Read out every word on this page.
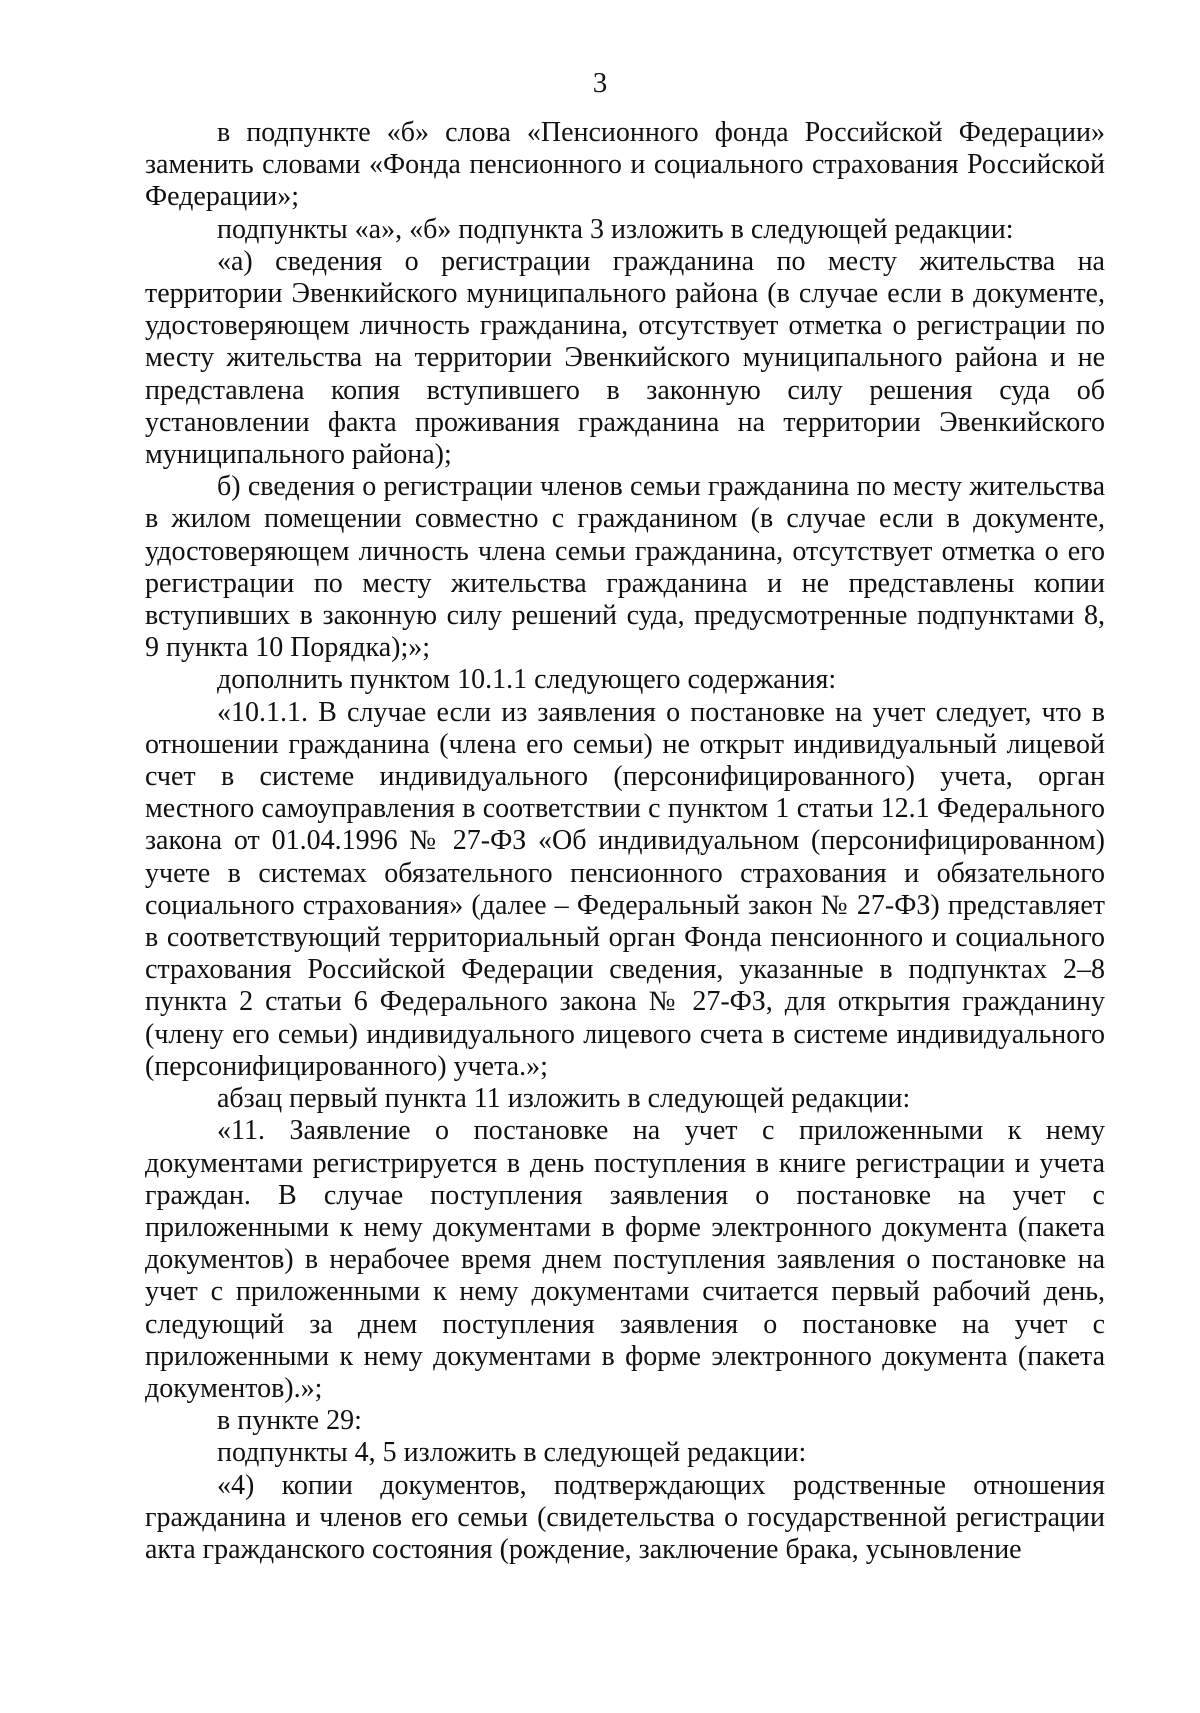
3

в подпункте «б» слова «Пенсионного фонда Российской Федерации» заменить словами «Фонда пенсионного и социального страхования Российской Федерации»;

подпункты «а», «б» подпункта 3 изложить в следующей редакции:

«а) сведения о регистрации гражданина по месту жительства на территории Эвенкийского муниципального района (в случае если в документе, удостоверяющем личность гражданина, отсутствует отметка о регистрации по месту жительства на территории Эвенкийского муниципального района и не представлена копия вступившего в законную силу решения суда об установлении факта проживания гражданина на территории Эвенкийского муниципального района);

б) сведения о регистрации членов семьи гражданина по месту жительства в жилом помещении совместно с гражданином (в случае если в документе, удостоверяющем личность члена семьи гражданина, отсутствует отметка о его регистрации по месту жительства гражданина и не представлены копии вступивших в законную силу решений суда, предусмотренные подпунктами 8, 9 пункта 10 Порядка);»;

дополнить пунктом 10.1.1 следующего содержания:

«10.1.1. В случае если из заявления о постановке на учет следует, что в отношении гражданина (члена его семьи) не открыт индивидуальный лицевой счет в системе индивидуального (персонифицированного) учета, орган местного самоуправления в соответствии с пунктом 1 статьи 12.1 Федерального закона от 01.04.1996 № 27-ФЗ «Об индивидуальном (персонифицированном) учете в системах обязательного пенсионного страхования и обязательного социального страхования» (далее – Федеральный закон № 27-ФЗ) представляет в соответствующий территориальный орган Фонда пенсионного и социального страхования Российской Федерации сведения, указанные в подпунктах 2–8 пункта 2 статьи 6 Федерального закона № 27-ФЗ, для открытия гражданину (члену его семьи) индивидуального лицевого счета в системе индивидуального (персонифицированного) учета.»;

абзац первый пункта 11 изложить в следующей редакции:

«11. Заявление о постановке на учет с приложенными к нему документами регистрируется в день поступления в книге регистрации и учета граждан. В случае поступления заявления о постановке на учет с приложенными к нему документами в форме электронного документа (пакета документов) в нерабочее время днем поступления заявления о постановке на учет с приложенными к нему документами считается первый рабочий день, следующий за днем поступления заявления о постановке на учет с приложенными к нему документами в форме электронного документа (пакета документов).»;

в пункте 29:

подпункты 4, 5 изложить в следующей редакции:

«4) копии документов, подтверждающих родственные отношения гражданина и членов его семьи (свидетельства о государственной регистрации акта гражданского состояния (рождение, заключение брака, усыновление
